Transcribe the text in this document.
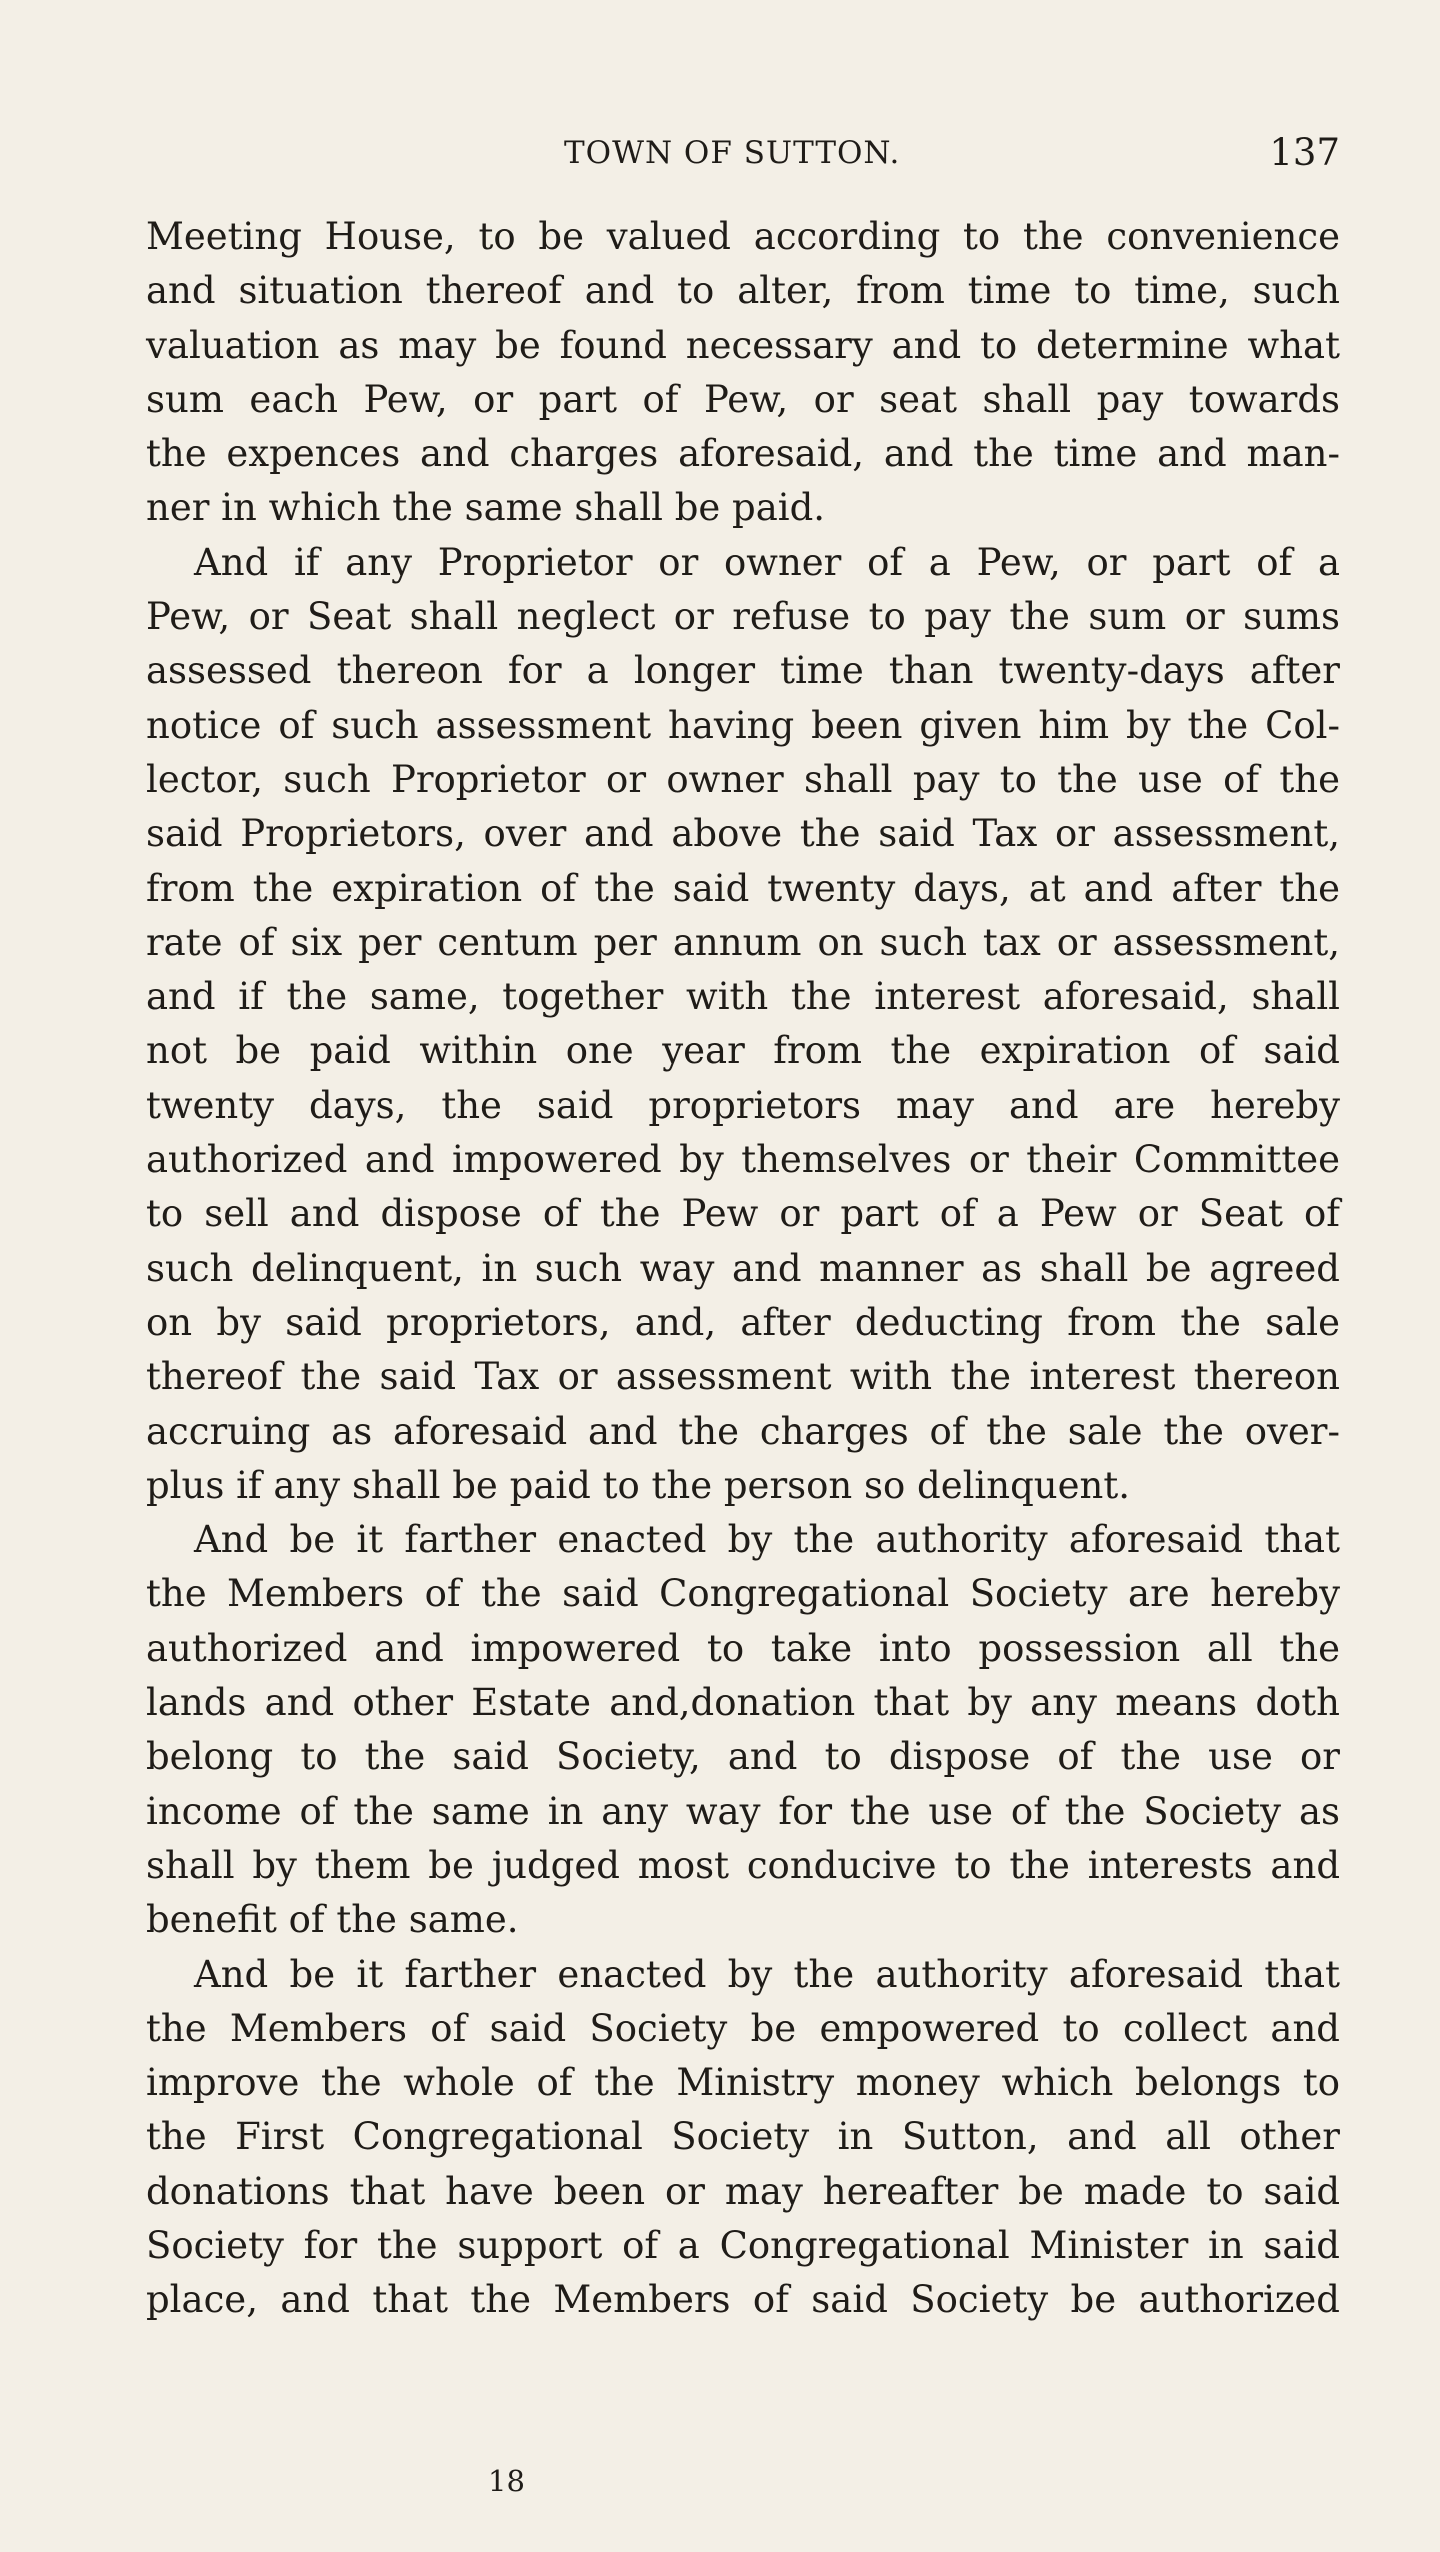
TOWN OF SUTTON.	137
Meeting House, to be valued according to the convenience
and situation thereof and to alter, from time to time, such
valuation as may be found necessary and to determine what
sum each Pew, or part of Pew, or seat shall pay towards
the expences and charges aforesaid, and the time and man-
ner in which the same shall be paid.
And if any Proprietor or owner of a Pew, or part of a
Pew, or Seat shall neglect or refuse to pay the sum or sums
assessed thereon for a longer time than twenty-days after
notice of such assessment having been given him by the Col-
lector, such Proprietor or owner shall pay to the use of the
said Proprietors, over and above the said Tax or assessment,
from the expiration of the said twenty days, at and after the
rate of six per centum per annum on such tax or assessment,
and if the same, together with the interest aforesaid, shall
not be paid within one year from the expiration of said
twenty days, the said proprietors may and are hereby
authorized and impowered by themselves or their Committee
to sell and dispose of the Pew or part of a Pew or Seat of
such delinquent, in such way and manner as shall be agreed
on by said proprietors, and, after deducting from the sale
thereof the said Tax or assessment with the interest thereon
accruing as aforesaid and the charges of the sale the over-
plus if any shall be paid to the person so delinquent.
And be it farther enacted by the authority aforesaid that
the Members of the said Congregational Society are hereby
authorized and impowered to take into possession all the
lands and other Estate and,donation that by any means doth
belong to the said Society, and to dispose of the use or
income of the same in any way for the use of the Society as
shall by them be judged most conducive to the interests and
benefit of the same.
And be it farther enacted by the authority aforesaid that
the Members of said Society be empowered to collect and
improve the whole of the Ministry money which belongs to
the First Congregational Society in Sutton, and all other
donations that have been or may hereafter be made to said
Society for the support of a Congregational Minister in said
place, and that the Members of said Society be authorized
18
